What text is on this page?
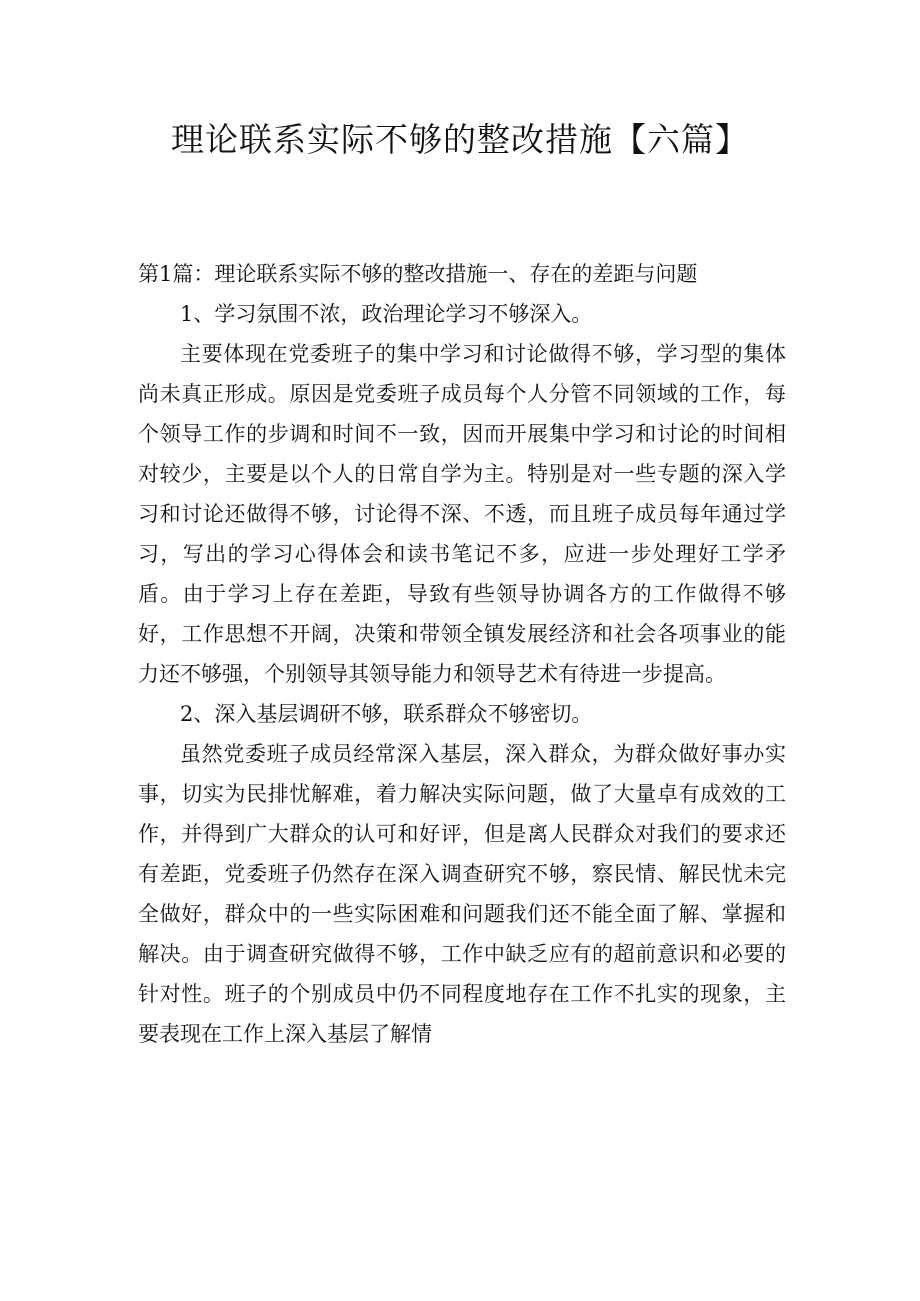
理论联系实际不够的整改措施【六篇】

第1篇：理论联系实际不够的整改措施一、存在的差距与问题

1、学习氛围不浓，政治理论学习不够深入。

主要体现在党委班子的集中学习和讨论做得不够，学习型的集体尚未真正形成。原因是党委班子成员每个人分管不同领域的工作，每个领导工作的步调和时间不一致，因而开展集中学习和讨论的时间相对较少，主要是以个人的日常自学为主。特别是对一些专题的深入学习和讨论还做得不够，讨论得不深、不透，而且班子成员每年通过学习，写出的学习心得体会和读书笔记不多，应进一步处理好工学矛盾。由于学习上存在差距，导致有些领导协调各方的工作做得不够好，工作思想不开阔，决策和带领全镇发展经济和社会各项事业的能力还不够强，个别领导其领导能力和领导艺术有待进一步提高。

2、深入基层调研不够，联系群众不够密切。

虽然党委班子成员经常深入基层，深入群众，为群众做好事办实事，切实为民排忧解难，着力解决实际问题，做了大量卓有成效的工作，并得到广大群众的认可和好评，但是离人民群众对我们的要求还有差距，党委班子仍然存在深入调查研究不够，察民情、解民忧未完全做好，群众中的一些实际困难和问题我们还不能全面了解、掌握和解决。由于调查研究做得不够，工作中缺乏应有的超前意识和必要的针对性。班子的个别成员中仍不同程度地存在工作不扎实的现象，主要表现在工作上深入基层了解情
